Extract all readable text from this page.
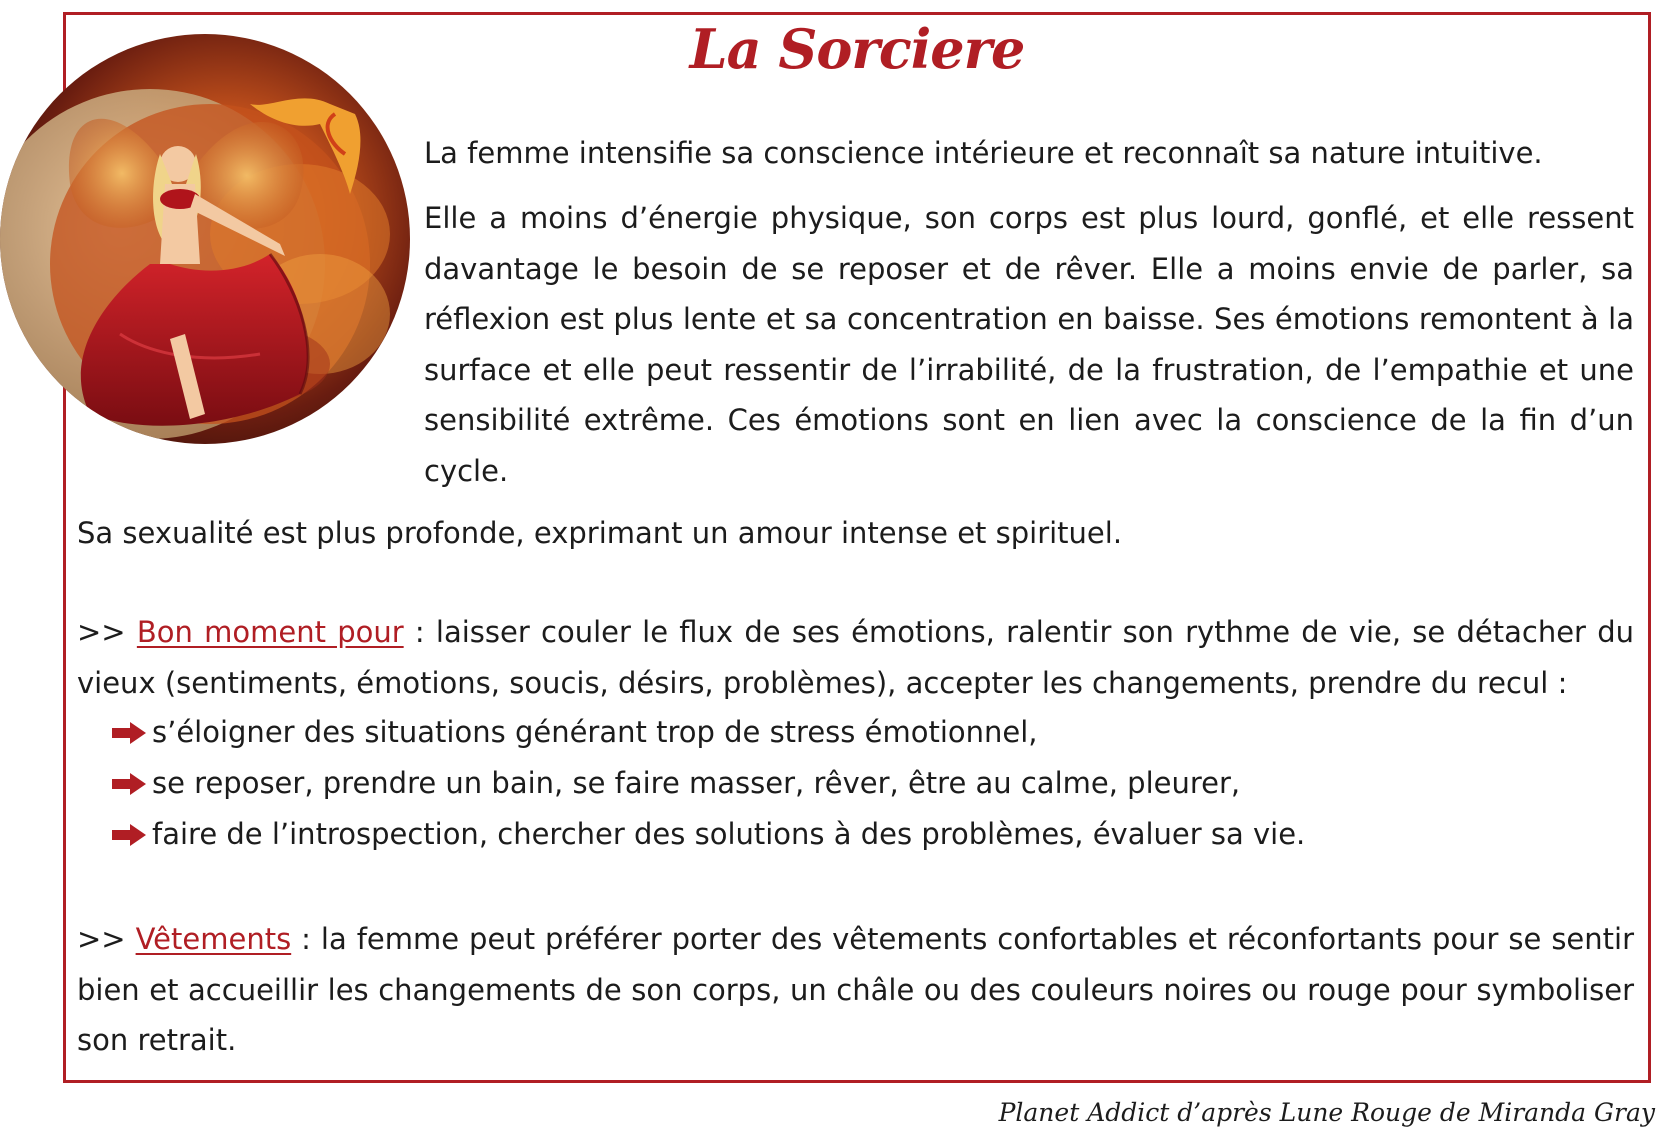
La Sorciere
La femme intensifie sa conscience intérieure et reconnaît sa nature intuitive.
Elle a moins d’énergie physique, son corps est plus lourd, gonflé, et elle ressent davantage le besoin de se reposer et de rêver. Elle a moins envie de parler, sa réflexion est plus lente et sa concentration en baisse. Ses émotions remontent à la surface et elle peut ressentir de l’irrabilité, de la frustration, de l’empathie et une sensibilité extrême. Ces émotions sont en lien avec la conscience de la fin d’un cycle.
Sa sexualité est plus profonde, exprimant un amour intense et spirituel.
>> Bon moment pour : laisser couler le flux de ses émotions, ralentir son rythme de vie, se détacher du vieux (sentiments, émotions, soucis, désirs, problèmes), accepter les changements, prendre du recul :
s’éloigner des situations générant trop de stress émotionnel,
se reposer, prendre un bain, se faire masser, rêver, être au calme, pleurer,
faire de l’introspection, chercher des solutions à des problèmes, évaluer sa vie.
>> Vêtements : la femme peut préférer porter des vêtements confortables et réconfortants pour se sentir bien et accueillir les changements de son corps, un châle ou des couleurs noires ou rouge pour symboliser son retrait.
Planet Addict d’après Lune Rouge de Miranda Gray
